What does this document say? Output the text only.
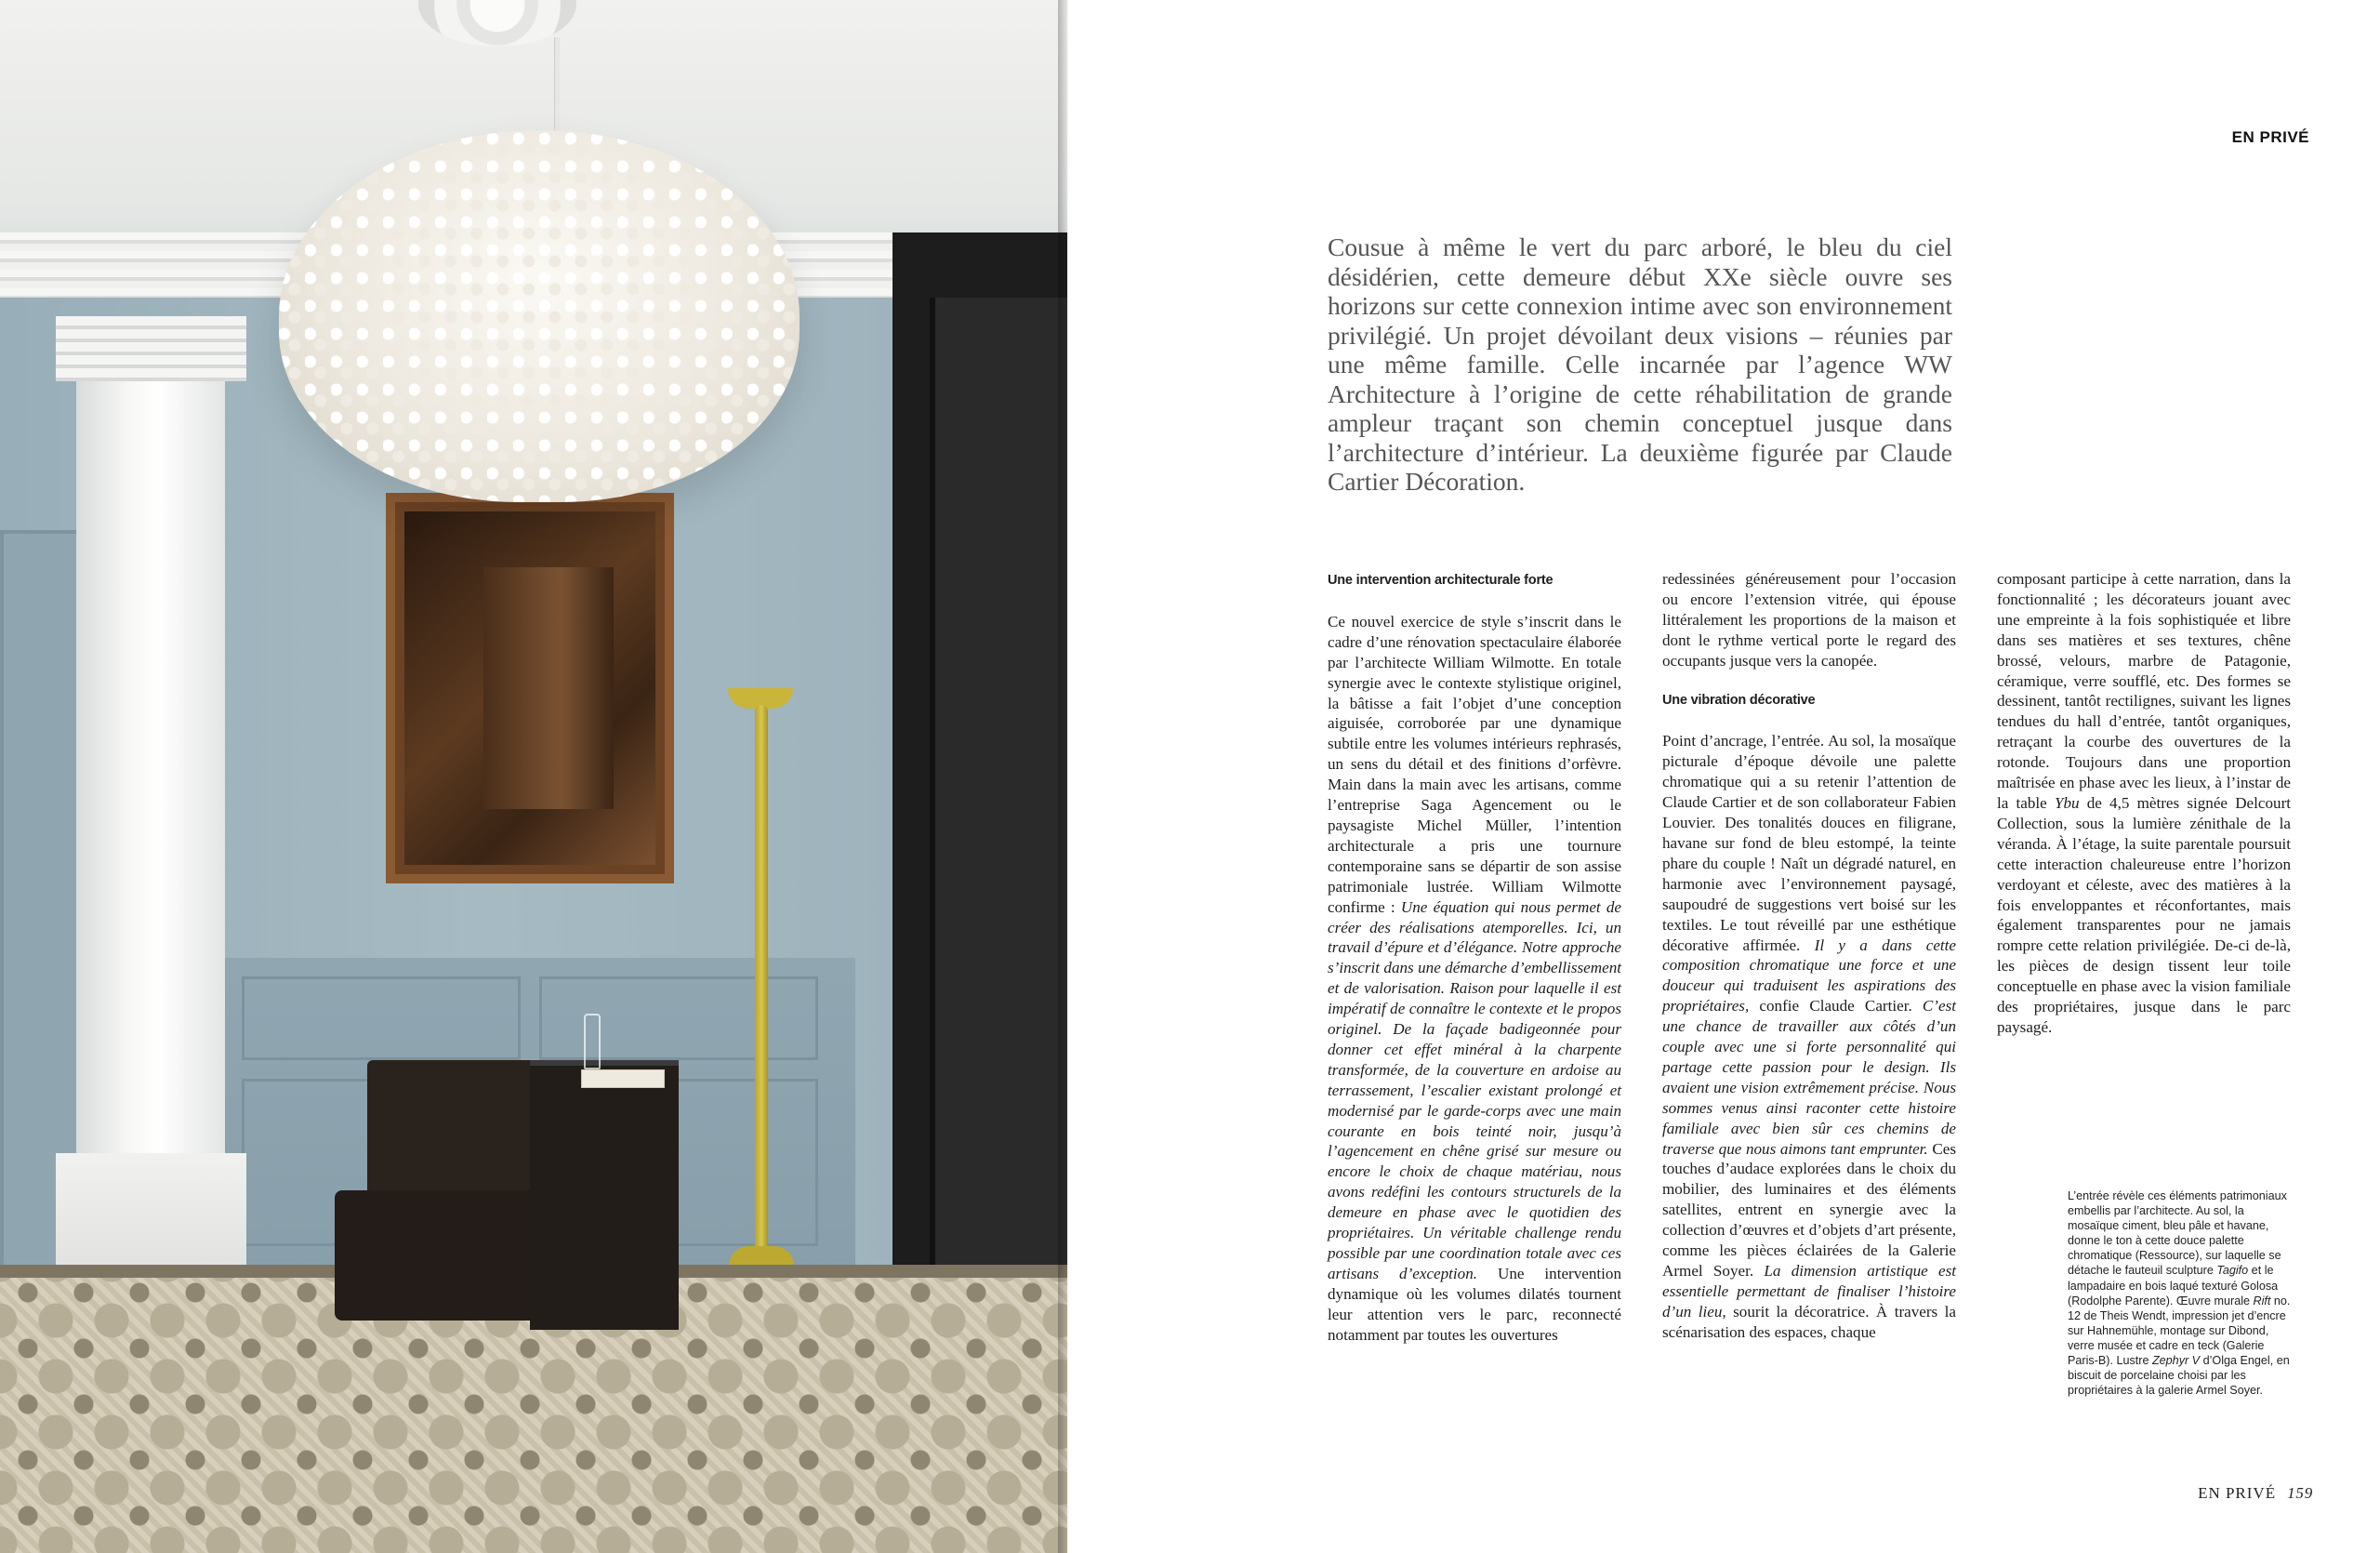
EN PRIVÉ

Cousue à même le vert du parc arboré, le bleu du ciel désidérien, cette demeure début XXe siècle ouvre ses horizons sur cette connexion intime avec son environnement privilégié. Un projet dévoilant deux visions – réunies par une même famille. Celle incarnée par l’agence WW Architecture à l’origine de cette réhabilitation de grande ampleur traçant son chemin conceptuel jusque dans l’architecture d’intérieur. La deuxième figurée par Claude Cartier Décoration.

Une intervention architecturale forte

Ce nouvel exercice de style s’inscrit dans le cadre d’une rénovation spectaculaire élaborée par l’architecte William Wilmotte. En totale synergie avec le contexte stylistique originel, la bâtisse a fait l’objet d’une conception aiguisée, corroborée par une dynamique subtile entre les volumes intérieurs rephrasés, un sens du détail et des finitions d’orfèvre. Main dans la main avec les artisans, comme l’entreprise Saga Agencement ou le paysagiste Michel Müller, l’intention architecturale a pris une tournure contemporaine sans se départir de son assise patrimoniale lustrée. William Wilmotte confirme : Une équation qui nous permet de créer des réalisations atemporelles. Ici, un travail d’épure et d’élégance. Notre approche s’inscrit dans une démarche d’embellissement et de valorisation. Raison pour laquelle il est impératif de connaître le contexte et le propos originel. De la façade badigeonnée pour donner cet effet minéral à la charpente transformée, de la couverture en ardoise au terrassement, l’escalier existant prolongé et modernisé par le garde-corps avec une main courante en bois teinté noir, jusqu’à l’agencement en chêne grisé sur mesure ou encore le choix de chaque matériau, nous avons redéfini les contours structurels de la demeure en phase avec le quotidien des propriétaires. Un véritable challenge rendu possible par une coordination totale avec ces artisans d’exception. Une intervention dynamique où les volumes dilatés tournent leur attention vers le parc, reconnecté notamment par toutes les ouvertures

redessinées généreusement pour l’occasion ou encore l’extension vitrée, qui épouse littéralement les proportions de la maison et dont le rythme vertical porte le regard des occupants jusque vers la canopée.

Une vibration décorative

Point d’ancrage, l’entrée. Au sol, la mosaïque picturale d’époque dévoile une palette chromatique qui a su retenir l’attention de Claude Cartier et de son collaborateur Fabien Louvier. Des tonalités douces en filigrane, havane sur fond de bleu estompé, la teinte phare du couple ! Naît un dégradé naturel, en harmonie avec l’environnement paysagé, saupoudré de suggestions vert boisé sur les textiles. Le tout réveillé par une esthétique décorative affirmée. Il y a dans cette composition chromatique une force et une douceur qui traduisent les aspirations des propriétaires, confie Claude Cartier. C’est une chance de travailler aux côtés d’un couple avec une si forte personnalité qui partage cette passion pour le design. Ils avaient une vision extrêmement précise. Nous sommes venus ainsi raconter cette histoire familiale avec bien sûr ces chemins de traverse que nous aimons tant emprunter. Ces touches d’audace explorées dans le choix du mobilier, des luminaires et des éléments satellites, entrent en synergie avec la collection d’œuvres et d’objets d’art présente, comme les pièces éclairées de la Galerie Armel Soyer. La dimension artistique est essentielle permettant de finaliser l’histoire d’un lieu, sourit la décoratrice. À travers la scénarisation des espaces, chaque

composant participe à cette narration, dans la fonctionnalité ; les décorateurs jouant avec une empreinte à la fois sophistiquée et libre dans ses matières et ses textures, chêne brossé, velours, marbre de Patagonie, céramique, verre soufflé, etc. Des formes se dessinent, tantôt rectilignes, suivant les lignes tendues du hall d’entrée, tantôt organiques, retraçant la courbe des ouvertures de la rotonde. Toujours dans une proportion maîtrisée en phase avec les lieux, à l’instar de la table Ybu de 4,5 mètres signée Delcourt Collection, sous la lumière zénithale de la véranda. À l’étage, la suite parentale poursuit cette interaction chaleureuse entre l’horizon verdoyant et céleste, avec des matières à la fois enveloppantes et réconfortantes, mais également transparentes pour ne jamais rompre cette relation privilégiée. De-ci de-là, les pièces de design tissent leur toile conceptuelle en phase avec la vision familiale des propriétaires, jusque dans le parc paysagé.

L’entrée révèle ces éléments patrimoniaux embellis par l’architecte. Au sol, la mosaïque ciment, bleu pâle et havane, donne le ton à cette douce palette chromatique (Ressource), sur laquelle se détache le fauteuil sculpture Tagifo et le lampadaire en bois laqué texturé Golosa (Rodolphe Parente). Œuvre murale Rift no. 12 de Theis Wendt, impression jet d’encre sur Hahnemühle, montage sur Dibond, verre musée et cadre en teck (Galerie Paris-B). Lustre Zephyr V d’Olga Engel, en biscuit de porcelaine choisi par les propriétaires à la galerie Armel Soyer.

EN PRIVÉ 159
